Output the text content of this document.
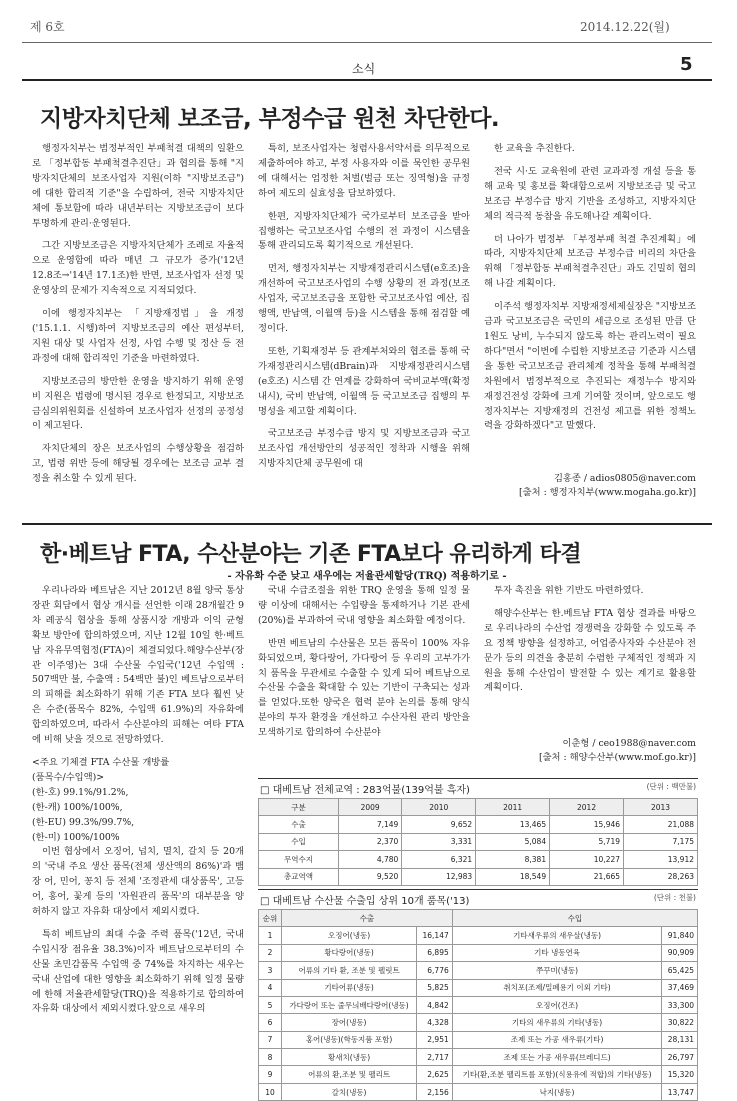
제 6호	2014.12.22(월)
소식	5
지방자치단체 보조금, 부정수급 원천 차단한다.

행정자치부는 범정부적인 부패척결 대책의 일환으로 「정부합동 부패척결추진단」과 협의를 통해 "지방자치단체의 보조사업자 지원(이하 "지방보조금")에 대한 합리적 기준"을 수립하여, 전국 지방자치단체에 통보함에 따라 내년부터는 지방보조금이 보다 투명하게 관리·운영된다.

그간 지방보조금은 지방자치단체가 조례로 자율적으로 운영함에 따라 매년 그 규모가 증가('12년 12.8조→'14년 17.1조)한 반면, 보조사업자 선정 및 운영상의 문제가 지속적으로 지적되었다.

이에 행정자치부는 「지방재정법」을 개정('15.1.1. 시행)하여 지방보조금의 예산 편성부터, 지원 대상 및 사업자 선정, 사업 수행 및 정산 등 전 과정에 대해 합리적인 기준을 마련하였다.

지방보조금의 방만한 운영을 방지하기 위해 운영비 지원은 법령에 명시된 경우로 한정되고, 지방보조금심의위원회를 신설하여 보조사업자 선정의 공정성이 제고된다.

자치단체의 장은 보조사업의 수행상황을 점검하고, 법령 위반 등에 해당될 경우에는 보조금 교부 결정을 취소할 수 있게 된다.

특히, 보조사업자는 청렴사용서약서를 의무적으로 제출하여야 하고, 부정 사용자와 이를 묵인한 공무원에 대해서는 엄정한 처벌(벌금 또는 징역형)을 규정하여 제도의 실효성을 담보하였다.

한편, 지방자치단체가 국가로부터 보조금을 받아 집행하는 국고보조사업 수행의 전 과정이 시스템을 통해 관리되도록 획기적으로 개선된다.

먼저, 행정자치부는 지방재정관리시스템(e호조)을 개선하여 국고보조사업의 수행 상황의 전 과정(보조사업자, 국고보조금을 포함한 국고보조사업 예산, 집행액, 반납액, 이월액 등)을 시스템을 통해 점검할 예정이다.

또한, 기획재정부 등 관계부처와의 협조를 통해 국가재정관리시스템(dBrain)과 지방재정관리시스템(e호조) 시스템 간 연계를 강화하여 국비교부액(확정내시), 국비 반납액, 이월액 등 국고보조금 집행의 투명성을 제고할 계획이다.

국고보조금 부정수급 방지 및 지방보조금과 국고보조사업 개선방안의 성공적인 정착과 시행을 위해 지방자치단체 공무원에 대

한 교육을 추진한다.

전국 시·도 교육원에 관련 교과과정 개설 등을 통해 교육 및 홍보를 확대함으로써 지방보조금 및 국고보조금 부정수급 방지 기반을 조성하고, 지방자치단체의 적극적 동참을 유도해나갈 계획이다.

더 나아가 범정부 「부정부패 척결 추진계획」에 따라, 지방자치단체 보조금 부정수급 비리의 차단을 위해 「정부합동 부패척결추진단」과도 긴밀히 협의해 나갈 계획이다.

이주석 행정자치부 지방재정세제실장은 "지방보조금과 국고보조금은 국민의 세금으로 조성된 만큼 단 1원도 낭비, 누수되지 않도록 하는 관리노력이 필요하다"면서 "이번에 수립한 지방보조금 기준과 시스템을 통한 국고보조금 관리체계 정착을 통해 부패척결 차원에서 범정부적으로 추진되는 재정누수 방지와 재정건전성 강화에 크게 기여할 것이며, 앞으로도 행정자치부는 지방재정의 건전성 제고를 위한 정책노력을 강화하겠다"고 말했다.

김홍종 / adios0805@naver.com
[출처 : 행정자치부(www.mogaha.go.kr)]
한·베트남 FTA, 수산분야는 기존 FTA보다 유리하게 타결
- 자유화 수준 낮고 새우에는 저율관세할당(TRQ) 적용하기로 -

우리나라와 베트남은 지난 2012년 8월 양국 통상장관 회담에서 협상 개시를 선언한 이래 28개월간 9차 례공식 협상을 통해 상품시장 개방과 이익 균형 확보 방안에 합의하였으며, 지난 12월 10일 한·베트남 자유무역협정(FTA)이 체결되었다.해양수산부(장관 이주영)는 3대 수산물 수입국('12년 수입액 : 507백만 불, 수출액 : 54백만 불)인 베트남으로부터의 피해를 최소화하기 위해 기존 FTA 보다 훨씬 낮은 수준(품목수 82%, 수입액 61.9%)의 자유화에 합의하였으며, 따라서 수산분야의 피해는 여타 FTA에 비해 낮을 것으로 전망하였다.

<주요 기체결 FTA 수산물 개방률
(품목수/수입액)>
(한-호) 99.1%/91.2%,
(한-캐) 100%/100%,
(한-EU) 99.3%/99.7%,
(한-미) 100%/100%

이번 협상에서 오징어, 넙치, 멸치, 갈치 등 20개의 '국내 주요 생산 품목(전체 생산액의 86%)'과 뱀장 어, 민어, 꽁치 등 전체 '조정관세 대상품목', 고등어, 홍어, 꽃게 등의 '자원관리 품목'의 대부분을 양 허하지 않고 자유화 대상에서 제외시켰다.

특히 베트남의 최대 수출 주력 품목('12년, 국내 수입시장 점유율 38.3%)이자 베트남으로부터의 수산물 초민감품목 수입액 중 74%를 차지하는 새우는 국내 산업에 대한 영향을 최소화하기 위해 일정 물량에 한해 저율관세할당(TRQ)을 적용하기로 합의하여 자유화 대상에서 제외시켰다.앞으로 새우의

국내 수급조절을 위한 TRQ 운영을 통해 일정 물량 이상에 대해서는 수입량을 통제하거나 기본 관세(20%)를 부과하여 국내 영향을 최소화할 예정이다.

반면 베트남의 수산물은 모든 품목이 100% 자유화되었으며, 황다랑어, 가다랑어 등 우리의 고부가가치 품목을 무관세로 수출할 수 있게 되어 베트남으로 수산물 수출을 확대할 수 있는 기반이 구축되는 성과를 얻었다.또한 양국은 협력 분야 논의를 통해 양식분야의 투자 환경을 개선하고 수산자원 관리 방안을 모색하기로 합의하여 수산분야

투자 촉진을 위한 기반도 마련하였다.

해양수산부는 한.베트남 FTA 협상 결과를 바탕으로 우리나라의 수산업 경쟁력을 강화할 수 있도록 주요 정책 방향을 설정하고, 어업종사자와 수산분야 전문가 등의 의견을 충분히 수렴한 구체적인 정책과 지원을 통해 수산업이 발전할 수 있는 계기로 활용할 계획이다.

이춘형 / ceo1988@naver.com
[출처 : 해양수산부(www.mof.go.kr)]
□ 대베트남 전체교역 : 283억불(139억불 흑자)	(단위 : 백만불)
구분	2009	2010	2011	2012	2013
수출	7,149	9,652	13,465	15,946	21,088
수입	2,370	3,331	5,084	5,719	7,175
무역수지	4,780	6,321	8,381	10,227	13,912
총교역액	9,520	12,983	18,549	21,665	28,263
□ 대베트남 수산물 수출입 상위 10개 품목('13)	(단위 : 천불)
순위	수출		수입	
1	오징어(냉동)	16,147	기타새우류의 새우살(냉동)	91,840
2	황다랑어(냉동)	6,895	기타 냉동연육	90,909
3	어류의 기타 환, 조분 및 펠릿트	6,776	쭈꾸미(냉동)	65,425
4	기타어류(냉동)	5,825	취치포(조제/밀폐용기 이외 기타)	37,469
5	가다랑어 또는 줄무늬배다랑어(냉동)	4,842	오징어(건조)	33,300
6	장어(냉동)	4,328	기타의 새우류의 기타(냉동)	30,822
7	홍어(냉동)(학동지품 포함)	2,951	조제 또는 가공 새우류(기타)	28,131
8	황새치(냉동)	2,717	조제 또는 가공 새우류(브레디드)	26,797
9	어류의 환,조분 및 펠리트	2,625	기타(환,조분 펠리트를 포함)(식용유에 적합)의 기타(냉동)	15,320
10	갈치(냉동)	2,156	낙지(냉동)	13,747
